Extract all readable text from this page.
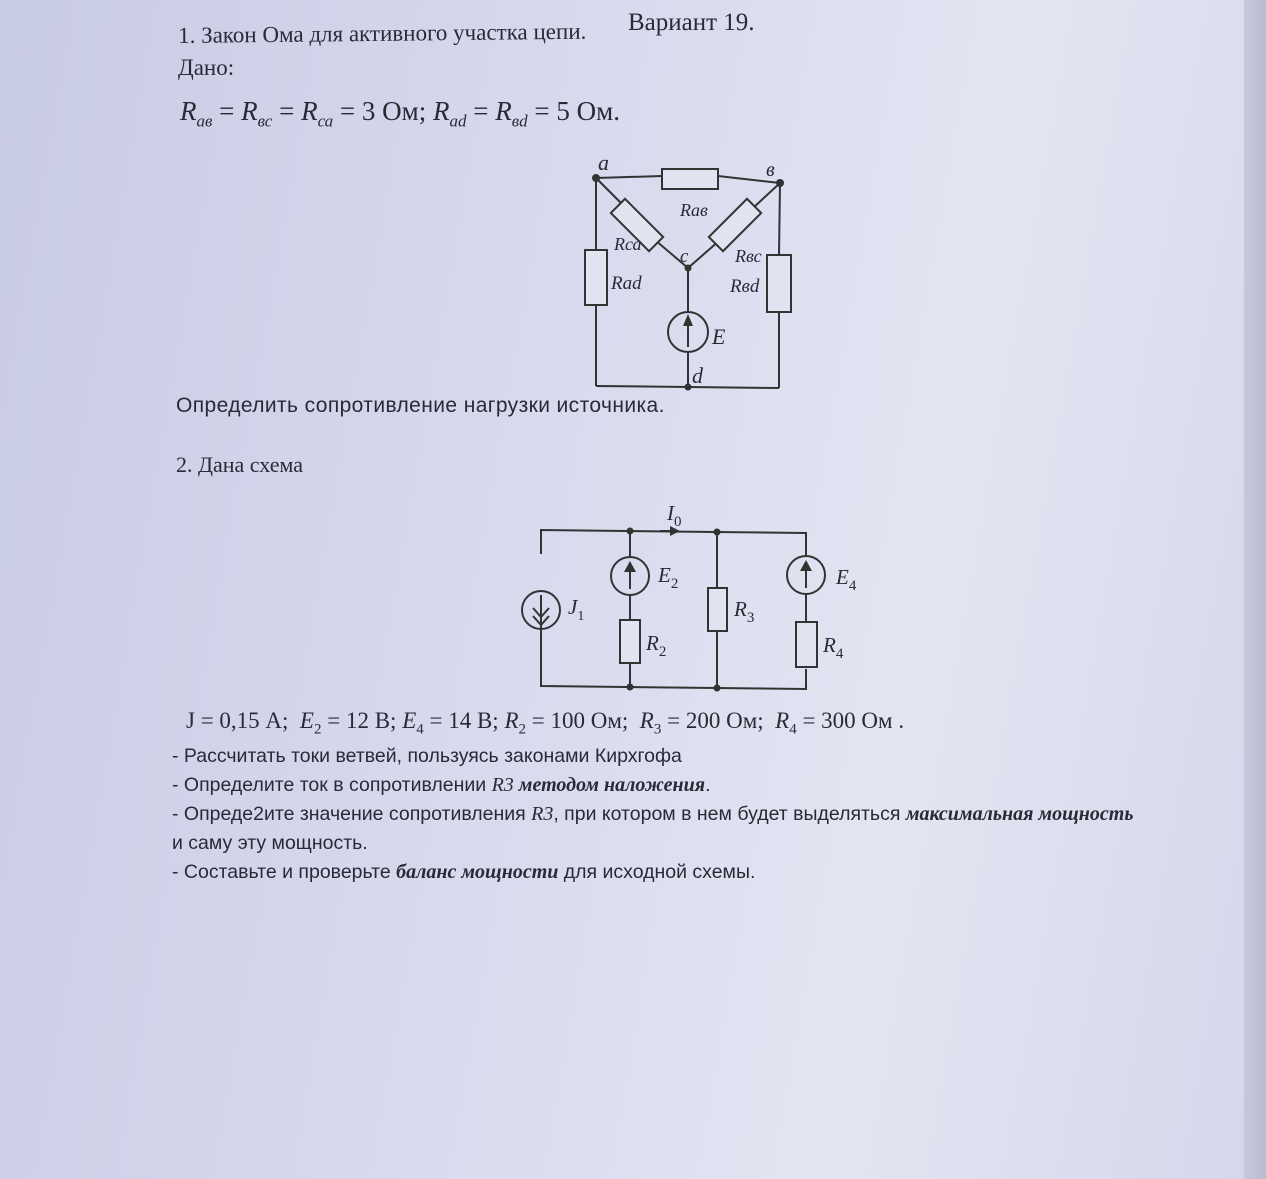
Вариант 19.
1. Закон Ома для активного участка цепи.
Дано:
$R_{ав} = R_{вс} = R_{са} = 3$ Ом; $R_{ad} = R_{вd} = 5$ Ом.
a	в
c
d
Rав
Rса
Rвс
Rad	Rвd
E
Определить сопротивление нагрузки источника.
2. Дана схема
$I_0$
$J_1$
$E_2$
$R_2$
$R_3$
$E_4$
$R_4$
J = 0,15 А; $E_2 = 12$ В; $E_4 = 14$ В; $R_2 = 100$ Ом; $R_3 = 200$ Ом; $R_4 = 300$ Ом .

- Рассчитать токи ветвей, пользуясь законами Кирхгофа

- Определите ток в сопротивлении R3 методом наложения.

- Опреде2ите значение сопротивления R3, при котором в нем будет выделяться максимальная мощность и саму эту мощность.

- Составьте и проверьте баланс мощности для исходной схемы.
